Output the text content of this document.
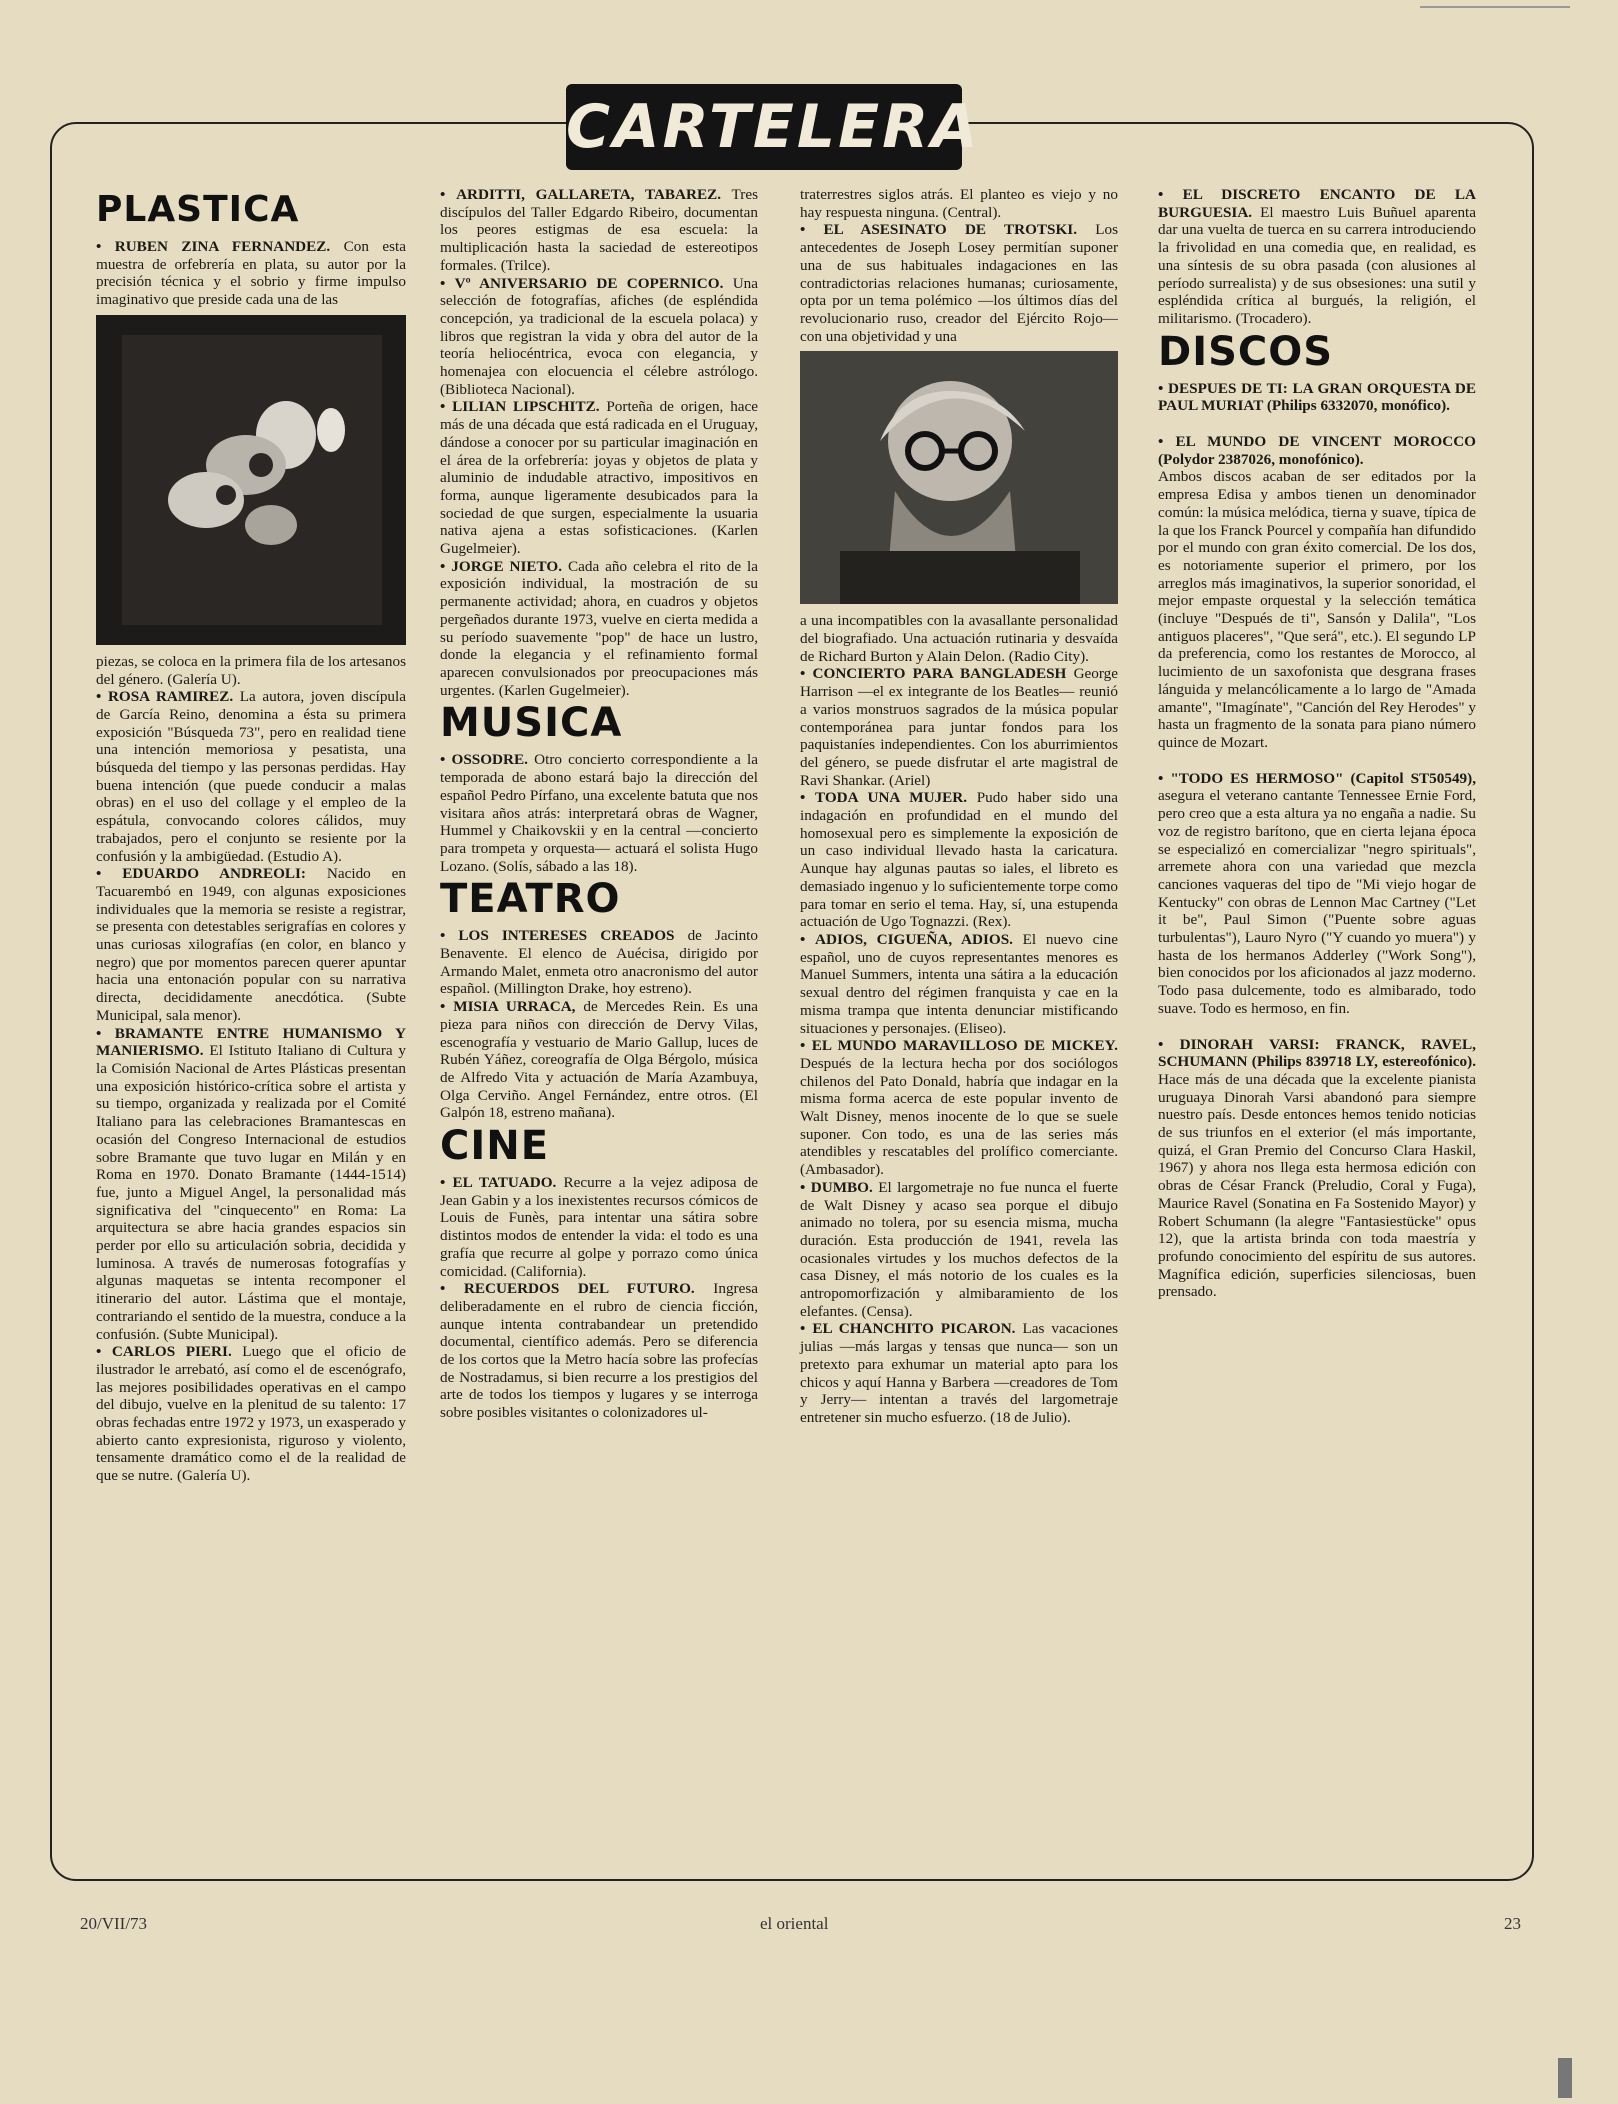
CARTELERA
PLASTICA
• RUBEN ZINA FERNANDEZ. Con esta muestra de orfebrería en plata, su autor por la precisión técnica y el sobrio y firme impulso imaginativo que preside cada una de las
piezas, se coloca en la primera fila de los artesanos del género. (Galería U).
• ROSA RAMIREZ. La autora, joven discípula de García Reino, denomina a ésta su primera exposición "Búsqueda 73", pero en realidad tiene una intención memoriosa y pesatista, una búsqueda del tiempo y las personas perdidas. Hay buena intención (que puede conducir a malas obras) en el uso del collage y el empleo de la espátula, convocando colores cálidos, muy trabajados, pero el conjunto se resiente por la confusión y la ambigüedad. (Estudio A).
• EDUARDO ANDREOLI: Nacido en Tacuarembó en 1949, con algunas exposiciones individuales que la memoria se resiste a registrar, se presenta con detestables serigrafías en colores y unas curiosas xilografías (en color, en blanco y negro) que por momentos parecen querer apuntar hacia una entonación popular con su narrativa directa, decididamente anecdótica. (Subte Municipal, sala menor).
• BRAMANTE ENTRE HUMANISMO Y MANIERISMO. El Istituto Italiano di Cultura y la Comisión Nacional de Artes Plásticas presentan una exposición histórico-crítica sobre el artista y su tiempo, organizada y realizada por el Comité Italiano para las celebraciones Bramantescas en ocasión del Congreso Internacional de estudios sobre Bramante que tuvo lugar en Milán y en Roma en 1970. Donato Bramante (1444-1514) fue, junto a Miguel Angel, la personalidad más significativa del "cinquecento" en Roma: La arquitectura se abre hacia grandes espacios sin perder por ello su articulación sobria, decidida y luminosa. A través de numerosas fotografías y algunas maquetas se intenta recomponer el itinerario del autor. Lástima que el montaje, contrariando el sentido de la muestra, conduce a la confusión. (Subte Municipal).
• CARLOS PIERI. Luego que el oficio de ilustrador le arrebató, así como el de escenógrafo, las mejores posibilidades operativas en el campo del dibujo, vuelve en la plenitud de su talento: 17 obras fechadas entre 1972 y 1973, un exasperado y abierto canto expresionista, riguroso y violento, tensamente dramático como el de la realidad de que se nutre. (Galería U).
• ARDITTI, GALLARETA, TABAREZ. Tres discípulos del Taller Edgardo Ribeiro, documentan los peores estigmas de esa escuela: la multiplicación hasta la saciedad de estereotipos formales. (Trilce).
• Vº ANIVERSARIO DE COPERNICO. Una selección de fotografías, afiches (de espléndida concepción, ya tradicional de la escuela polaca) y libros que registran la vida y obra del autor de la teoría heliocéntrica, evoca con elegancia, y homenajea con elocuencia el célebre astrólogo. (Biblioteca Nacional).
• LILIAN LIPSCHITZ. Porteña de origen, hace más de una década que está radicada en el Uruguay, dándose a conocer por su particular imaginación en el área de la orfebrería: joyas y objetos de plata y aluminio de indudable atractivo, impositivos en forma, aunque ligeramente desubicados para la sociedad de que surgen, especialmente la usuaria nativa ajena a estas sofisticaciones. (Karlen Gugelmeier).
• JORGE NIETO. Cada año celebra el rito de la exposición individual, la mostración de su permanente actividad; ahora, en cuadros y objetos pergeñados durante 1973, vuelve en cierta medida a su período suavemente "pop" de hace un lustro, donde la elegancia y el refinamiento formal aparecen convulsionados por preocupaciones más urgentes. (Karlen Gugelmeier).
MUSICA
• OSSODRE. Otro concierto correspondiente a la temporada de abono estará bajo la dirección del español Pedro Pírfano, una excelente batuta que nos visitara años atrás: interpretará obras de Wagner, Hummel y Chaikovskii y en la central —concierto para trompeta y orquesta— actuará el solista Hugo Lozano. (Solís, sábado a las 18).
TEATRO
• LOS INTERESES CREADOS de Jacinto Benavente. El elenco de Auécisa, dirigido por Armando Malet, enmeta otro anacronismo del autor español. (Millington Drake, hoy estreno).
• MISIA URRACA, de Mercedes Rein. Es una pieza para niños con dirección de Dervy Vilas, escenografía y vestuario de Mario Gallup, luces de Rubén Yáñez, coreografía de Olga Bérgolo, música de Alfredo Vita y actuación de María Azambuya, Olga Cerviño. Angel Fernández, entre otros. (El Galpón 18, estreno mañana).
CINE
• EL TATUADO. Recurre a la vejez adiposa de Jean Gabin y a los inexistentes recursos cómicos de Louis de Funès, para intentar una sátira sobre distintos modos de entender la vida: el todo es una grafía que recurre al golpe y porrazo como única comicidad. (California).
• RECUERDOS DEL FUTURO. Ingresa deliberadamente en el rubro de ciencia ficción, aunque intenta contrabandear un pretendido documental, científico además. Pero se diferencia de los cortos que la Metro hacía sobre las profecías de Nostradamus, si bien recurre a los prestigios del arte de todos los tiempos y lugares y se interroga sobre posibles visitantes o colonizadores ul-
traterrestres siglos atrás. El planteo es viejo y no hay respuesta ninguna. (Central).
• EL ASESINATO DE TROTSKI. Los antecedentes de Joseph Losey permitían suponer una de sus habituales indagaciones en las contradictorias relaciones humanas; curiosamente, opta por un tema polémico —los últimos días del revolucionario ruso, creador del Ejército Rojo— con una objetividad y una
a una incompatibles con la avasallante personalidad del biografiado. Una actuación rutinaria y desvaída de Richard Burton y Alain Delon. (Radio City).
• CONCIERTO PARA BANGLADESH George Harrison —el ex integrante de los Beatles— reunió a varios monstruos sagrados de la música popular contemporánea para juntar fondos para los paquistaníes independientes. Con los aburrimientos del género, se puede disfrutar el arte magistral de Ravi Shankar. (Ariel)
• TODA UNA MUJER. Pudo haber sido una indagación en profundidad en el mundo del homosexual pero es simplemente la exposición de un caso individual llevado hasta la caricatura. Aunque hay algunas pautas so iales, el libreto es demasiado ingenuo y lo suficientemente torpe como para tomar en serio el tema. Hay, sí, una estupenda actuación de Ugo Tognazzi. (Rex).
• ADIOS, CIGUEÑA, ADIOS. El nuevo cine español, uno de cuyos representantes menores es Manuel Summers, intenta una sátira a la educación sexual dentro del régimen franquista y cae en la misma trampa que intenta denunciar mistificando situaciones y personajes. (Eliseo).
• EL MUNDO MARAVILLOSO DE MICKEY. Después de la lectura hecha por dos sociólogos chilenos del Pato Donald, habría que indagar en la misma forma acerca de este popular invento de Walt Disney, menos inocente de lo que se suele suponer. Con todo, es una de las series más atendibles y rescatables del prolífico comerciante. (Ambasador).
• DUMBO. El largometraje no fue nunca el fuerte de Walt Disney y acaso sea porque el dibujo animado no tolera, por su esencia misma, mucha duración. Esta producción de 1941, revela las ocasionales virtudes y los muchos defectos de la casa Disney, el más notorio de los cuales es la antropomorfización y almibaramiento de los elefantes. (Censa).
• EL CHANCHITO PICARON. Las vacaciones julias —más largas y tensas que nunca— son un pretexto para exhumar un material apto para los chicos y aquí Hanna y Barbera —creadores de Tom y Jerry— intentan a través del largometraje entretener sin mucho esfuerzo. (18 de Julio).
• EL DISCRETO ENCANTO DE LA BURGUESIA. El maestro Luis Buñuel aparenta dar una vuelta de tuerca en su carrera introduciendo la frivolidad en una comedia que, en realidad, es una síntesis de su obra pasada (con alusiones al período surrealista) y de sus obsesiones: una sutil y espléndida crítica al burgués, la religión, el militarismo. (Trocadero).
DISCOS
• DESPUES DE TI: LA GRAN ORQUESTA DE PAUL MURIAT (Philips 6332070, monófico).
• EL MUNDO DE VINCENT MOROCCO (Polydor 2387026, monofónico).
Ambos discos acaban de ser editados por la empresa Edisa y ambos tienen un denominador común: la música melódica, tierna y suave, típica de la que los Franck Pourcel y compañía han difundido por el mundo con gran éxito comercial. De los dos, es notoriamente superior el primero, por los arreglos más imaginativos, la superior sonoridad, el mejor empaste orquestal y la selección temática (incluye "Después de ti", Sansón y Dalila", "Los antiguos placeres", "Que será", etc.). El segundo LP da preferencia, como los restantes de Morocco, al lucimiento de un saxofonista que desgrana frases lánguida y melancólicamente a lo largo de "Amada amante", "Imagínate", "Canción del Rey Herodes" y hasta un fragmento de la sonata para piano número quince de Mozart.
• "TODO ES HERMOSO" (Capitol ST50549), asegura el veterano cantante Tennessee Ernie Ford, pero creo que a esta altura ya no engaña a nadie. Su voz de registro barítono, que en cierta lejana época se especializó en comercializar "negro spirituals", arremete ahora con una variedad que mezcla canciones vaqueras del tipo de "Mi viejo hogar de Kentucky" con obras de Lennon Mac Cartney ("Let it be", Paul Simon ("Puente sobre aguas turbulentas"), Lauro Nyro ("Y cuando yo muera") y hasta de los hermanos Adderley ("Work Song"), bien conocidos por los aficionados al jazz moderno. Todo pasa dulcemente, todo es almibarado, todo suave. Todo es hermoso, en fin.
• DINORAH VARSI: FRANCK, RAVEL, SCHUMANN (Philips 839718 LY, estereofónico). Hace más de una década que la excelente pianista uruguaya Dinorah Varsi abandonó para siempre nuestro país. Desde entonces hemos tenido noticias de sus triunfos en el exterior (el más importante, quizá, el Gran Premio del Concurso Clara Haskil, 1967) y ahora nos llega esta hermosa edición con obras de César Franck (Preludio, Coral y Fuga), Maurice Ravel (Sonatina en Fa Sostenido Mayor) y Robert Schumann (la alegre "Fantasiestücke" opus 12), que la artista brinda con toda maestría y profundo conocimiento del espíritu de sus autores. Magnífica edición, superficies silenciosas, buen prensado.
20/VII/73	el oriental	23
